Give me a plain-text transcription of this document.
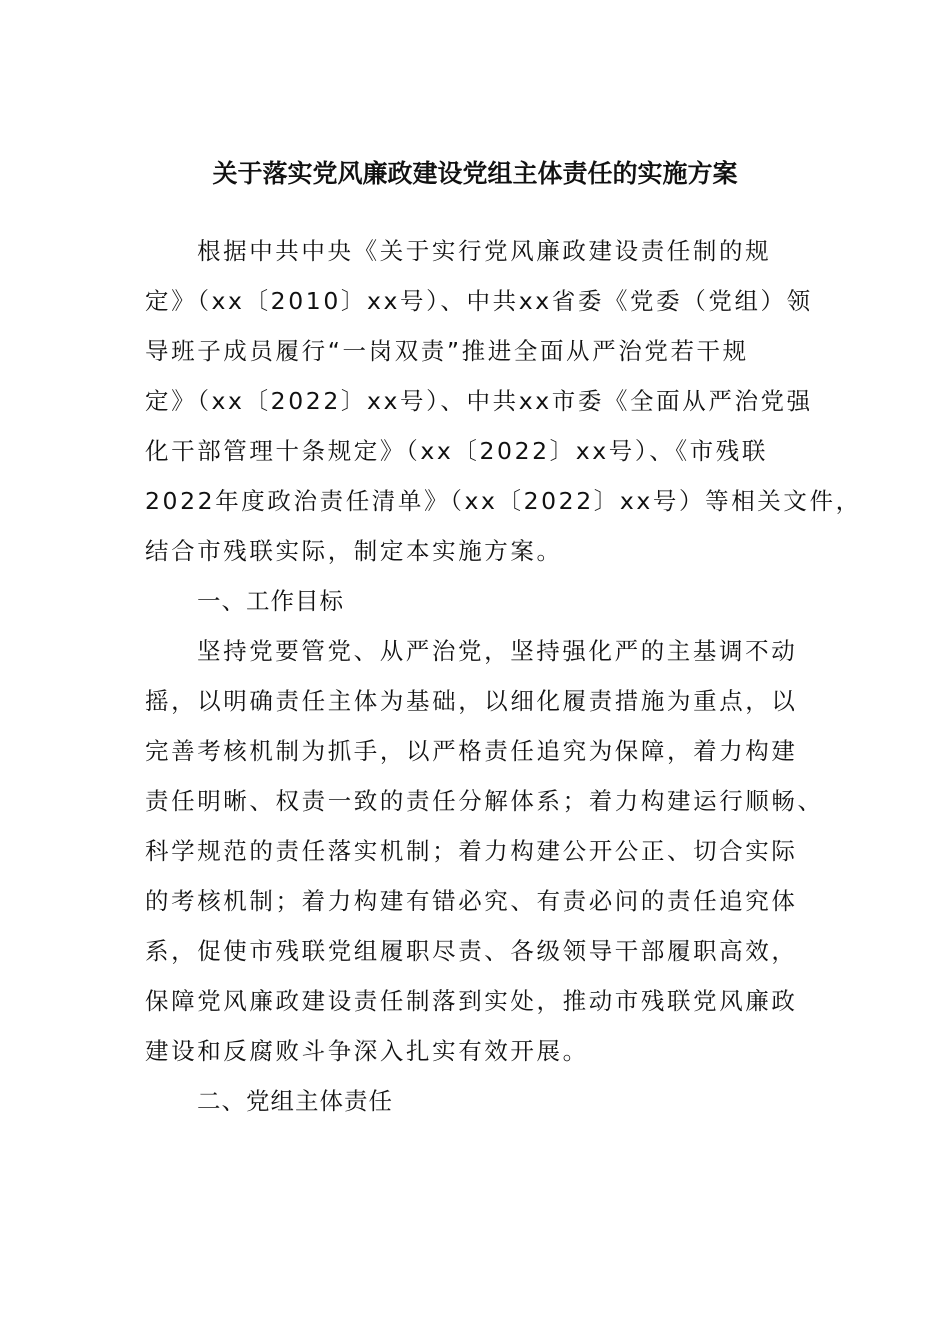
关于落实党风廉政建设党组主体责任的实施方案

根据中共中央《关于实行党风廉政建设责任制的规

定》（xx〔2010〕xx号）、中共xx省委《党委（党组）领

导班子成员履行“一岗双责”推进全面从严治党若干规

定》（xx〔2022〕xx号）、中共xx市委《全面从严治党强

化干部管理十条规定》（xx〔2022〕xx号）、《市残联

2022年度政治责任清单》（xx〔2022〕xx号）等相关文件，

结合市残联实际，制定本实施方案。

一、工作目标

坚持党要管党、从严治党，坚持强化严的主基调不动

摇，以明确责任主体为基础，以细化履责措施为重点，以

完善考核机制为抓手，以严格责任追究为保障，着力构建

责任明晰、权责一致的责任分解体系；着力构建运行顺畅、

科学规范的责任落实机制；着力构建公开公正、切合实际

的考核机制；着力构建有错必究、有责必问的责任追究体

系，促使市残联党组履职尽责、各级领导干部履职高效，

保障党风廉政建设责任制落到实处，推动市残联党风廉政

建设和反腐败斗争深入扎实有效开展。

二、党组主体责任
